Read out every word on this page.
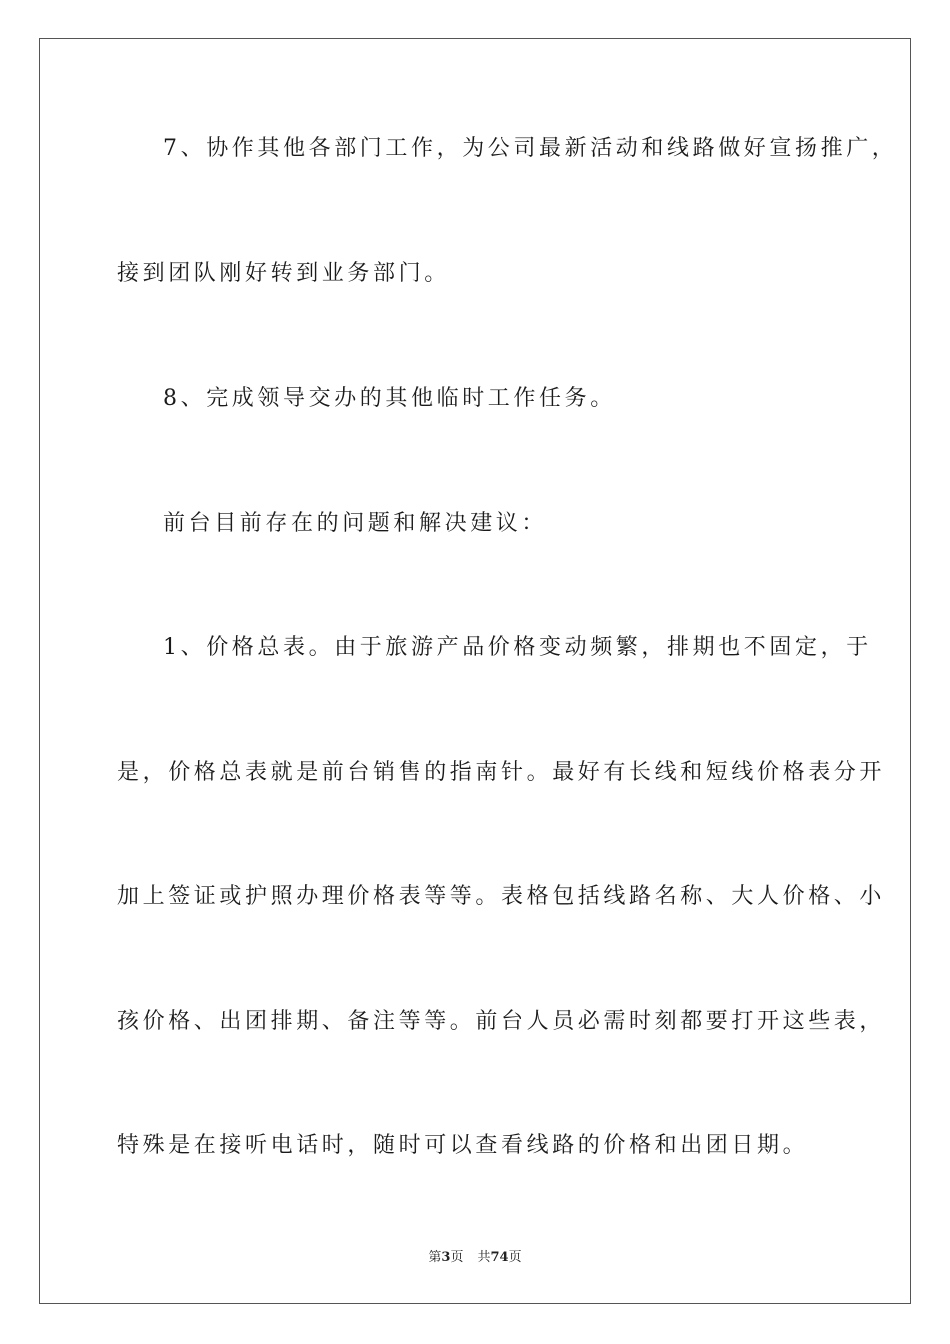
7、协作其他各部门工作，为公司最新活动和线路做好宣扬推广，
接到团队刚好转到业务部门。
8、完成领导交办的其他临时工作任务。
前台目前存在的问题和解决建议：
1、价格总表。由于旅游产品价格变动频繁，排期也不固定，于
是，价格总表就是前台销售的指南针。最好有长线和短线价格表分开
加上签证或护照办理价格表等等。表格包括线路名称、大人价格、小
孩价格、出团排期、备注等等。前台人员必需时刻都要打开这些表，
特殊是在接听电话时，随时可以查看线路的价格和出团日期。
第3页 共74页
